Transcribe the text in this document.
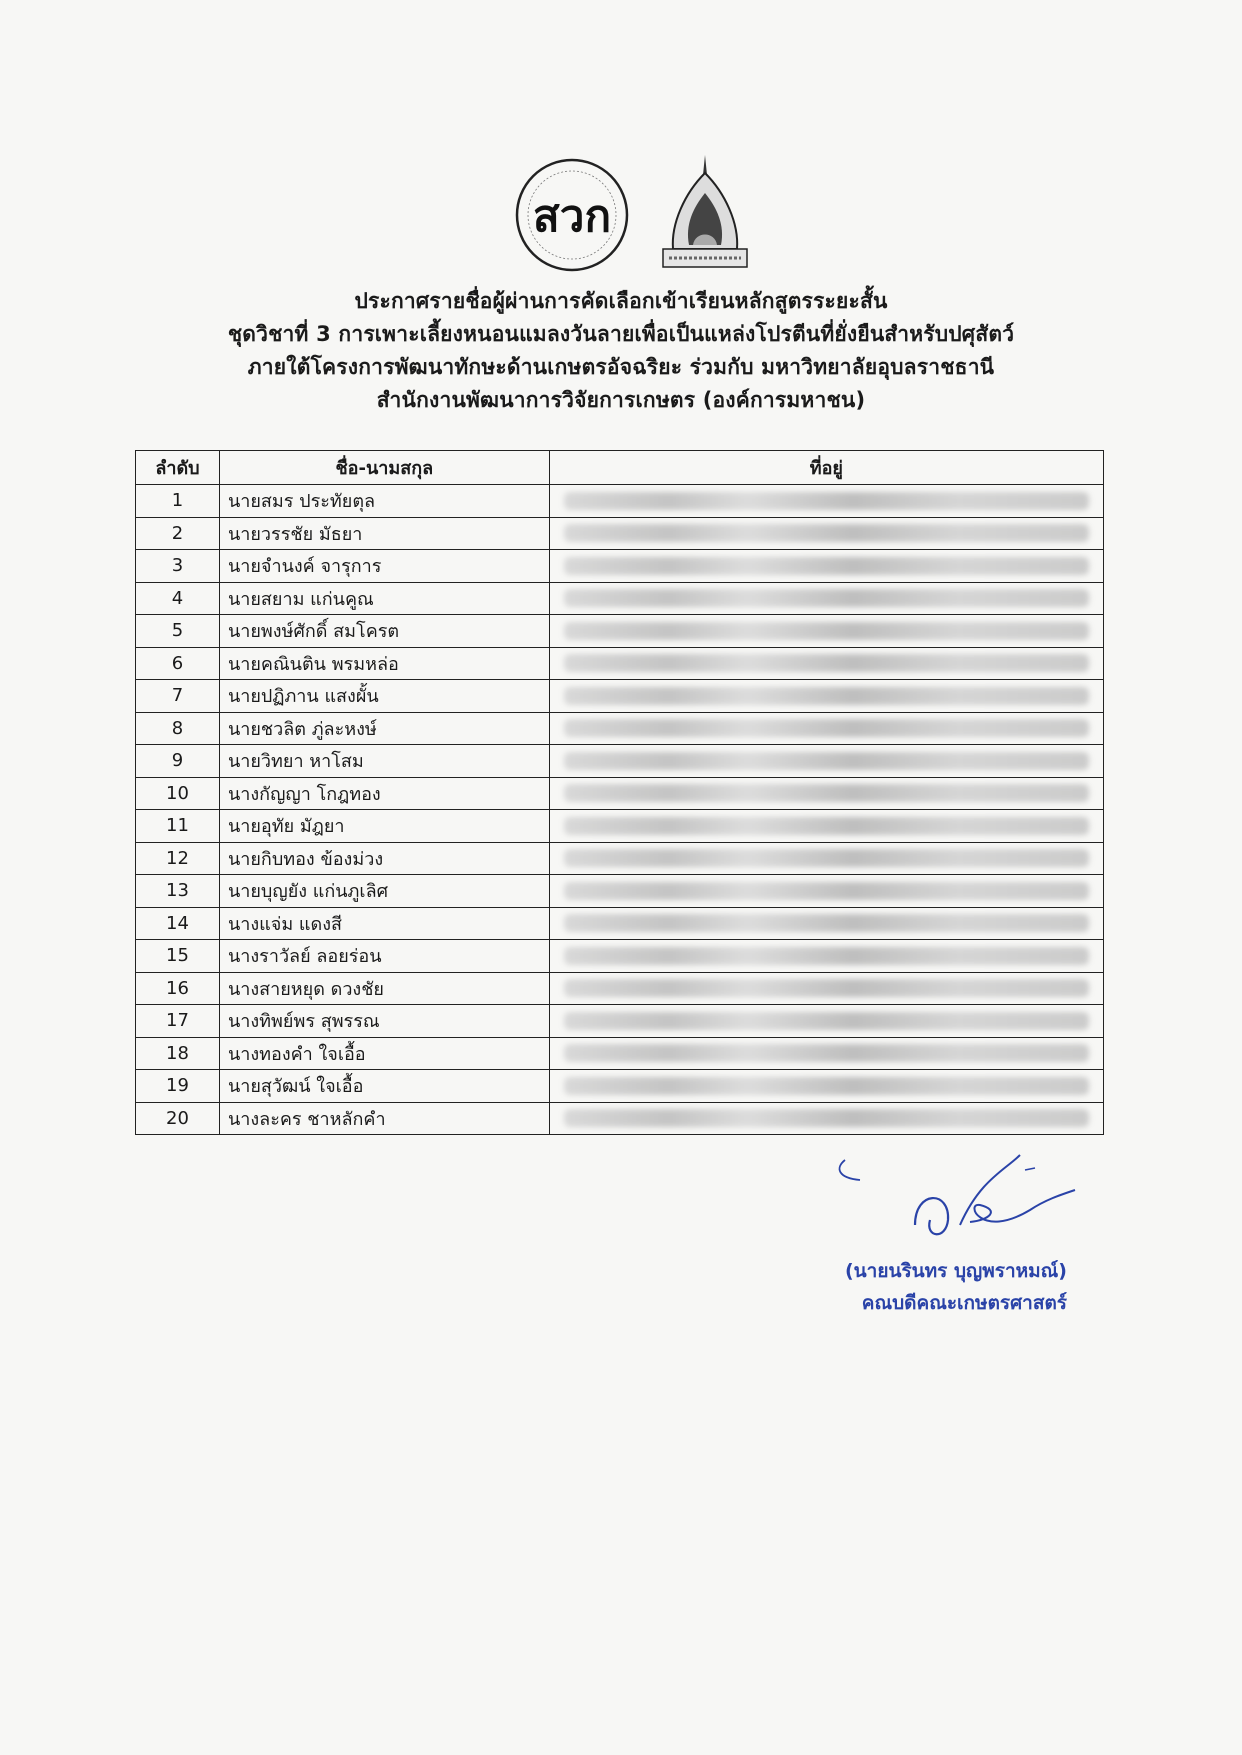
สวก
ประกาศรายชื่อผู้ผ่านการคัดเลือกเข้าเรียนหลักสูตรระยะสั้น
ชุดวิชาที่ 3 การเพาะเลี้ยงหนอนแมลงวันลายเพื่อเป็นแหล่งโปรตีนที่ยั่งยืนสำหรับปศุสัตว์
ภายใต้โครงการพัฒนาทักษะด้านเกษตรอัจฉริยะ ร่วมกับ มหาวิทยาลัยอุบลราชธานี
สำนักงานพัฒนาการวิจัยการเกษตร (องค์การมหาชน)
ลำดับ	ชื่อ-นามสกุล	ที่อยู่
1	นายสมร ประทัยตุล	

2	นายวรรชัย มัธยา	

3	นายจำนงค์ จารุการ	

4	นายสยาม แก่นคูณ	

5	นายพงษ์ศักดิ์ สมโครต	

6	นายคณินติน พรมหล่อ	

7	นายปฏิภาน แสงผั้น	

8	นายชวลิต ภู่ละหงษ์	

9	นายวิทยา หาโสม	

10	นางกัญญา โกฎทอง	

11	นายอุทัย มัฎยา	

12	นายกิบทอง ข้องม่วง	

13	นายบุญยัง แก่นภูเลิศ	

14	นางแจ่ม แดงสี	

15	นางราวัลย์ ลอยร่อน	

16	นางสายหยุด ดวงชัย	

17	นางทิพย์พร สุพรรณ	

18	นางทองคำ ใจเอื้อ	

19	นายสุวัฒน์ ใจเอื้อ	

20	นางละคร ชาหลักคำ	
(นายนรินทร บุญพราหมณ์)
คณบดีคณะเกษตรศาสตร์
